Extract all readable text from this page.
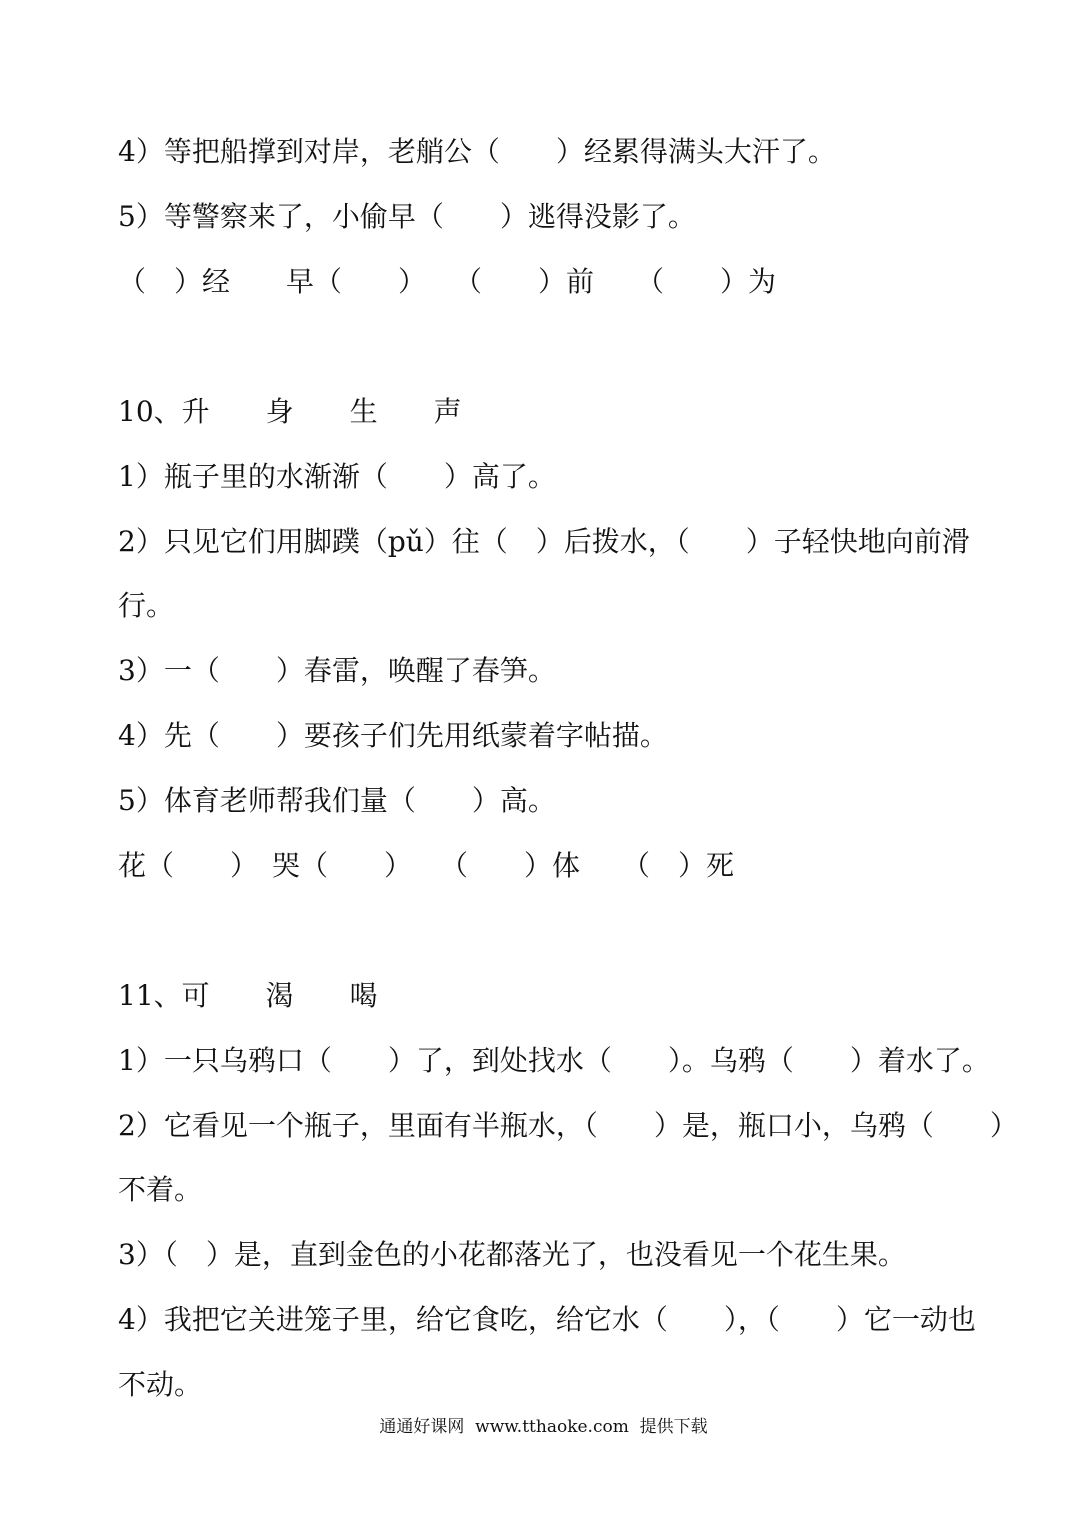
4）等把船撑到对岸，老艄公（　　）经累得满头大汗了。
5）等警察来了，小偷早（　　）逃得没影了。
（　）经　　早（　　）　　（　　）前　　（　　）为
10、升　　身　　生　　声
1）瓶子里的水渐渐（　　）高了。
2）只见它们用脚蹼（pǔ）往（　）后拨水，（　　）子轻快地向前滑
行。
3）一（　　）春雷，唤醒了春笋。
4）先（　　）要孩子们先用纸蒙着字帖描。
5）体育老师帮我们量（　　）高。
花（　　）　哭（　　）　　（　　）体　　（　）死
11、可　　渴　　喝
1）一只乌鸦口（　　）了，到处找水（　　）。乌鸦（　　）着水了。
2）它看见一个瓶子，里面有半瓶水，（　　）是，瓶口小，乌鸦（　　）
不着。
3）（　）是，直到金色的小花都落光了，也没看见一个花生果。
4）我把它关进笼子里，给它食吃，给它水（　　），（　　）它一动也
不动。
通通好课网  www.tthaoke.com  提供下载
